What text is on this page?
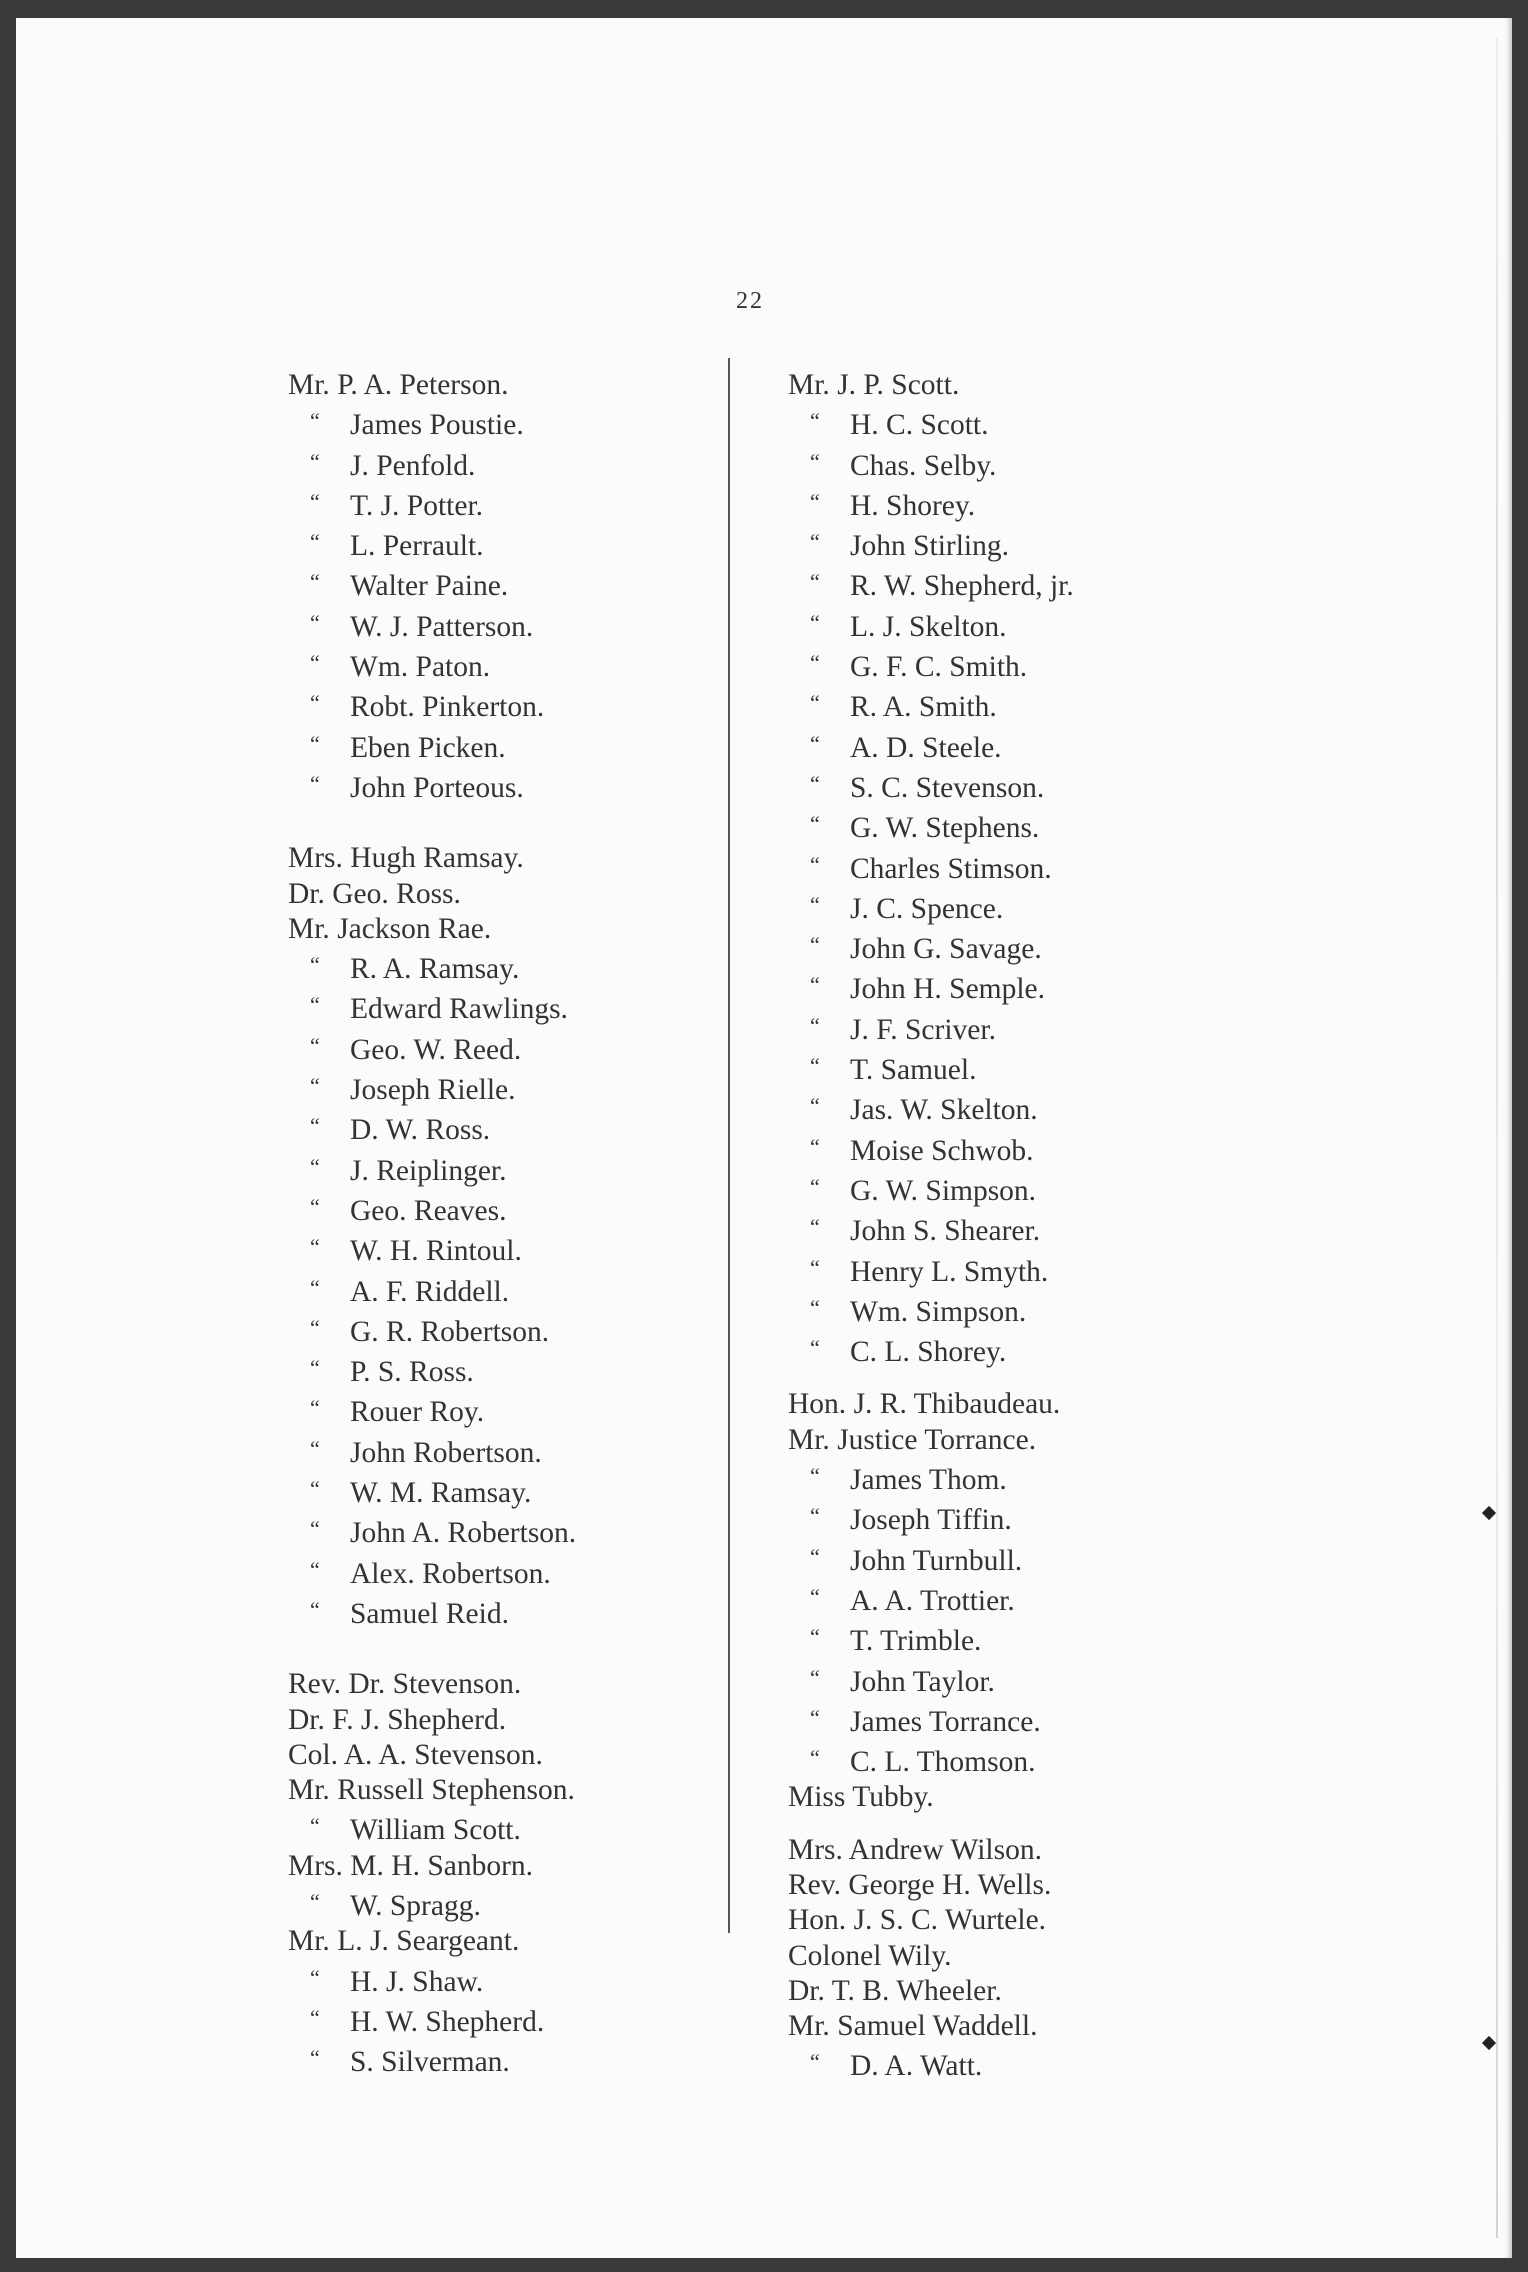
22
Mr. P. A. Peterson.
“ James Poustie.
“ J. Penfold.
“ T. J. Potter.
“ L. Perrault.
“ Walter Paine.
“ W. J. Patterson.
“ Wm. Paton.
“ Robt. Pinkerton.
“ Eben Picken.
“ John Porteous.
Mrs. Hugh Ramsay.
Dr. Geo. Ross.
Mr. Jackson Rae.
“ R. A. Ramsay.
“ Edward Rawlings.
“ Geo. W. Reed.
“ Joseph Rielle.
“ D. W. Ross.
“ J. Reiplinger.
“ Geo. Reaves.
“ W. H. Rintoul.
“ A. F. Riddell.
“ G. R. Robertson.
“ P. S. Ross.
“ Rouer Roy.
“ John Robertson.
“ W. M. Ramsay.
“ John A. Robertson.
“ Alex. Robertson.
“ Samuel Reid.
Rev. Dr. Stevenson.
Dr. F. J. Shepherd.
Col. A. A. Stevenson.
Mr. Russell Stephenson.
“ William Scott.
Mrs. M. H. Sanborn.
“ W. Spragg.
Mr. L. J. Seargeant.
“ H. J. Shaw.
“ H. W. Shepherd.
“ S. Silverman.
Mr. J. P. Scott.
“ H. C. Scott.
“ Chas. Selby.
“ H. Shorey.
“ John Stirling.
“ R. W. Shepherd, jr.
“ L. J. Skelton.
“ G. F. C. Smith.
“ R. A. Smith.
“ A. D. Steele.
“ S. C. Stevenson.
“ G. W. Stephens.
“ Charles Stimson.
“ J. C. Spence.
“ John G. Savage.
“ John H. Semple.
“ J. F. Scriver.
“ T. Samuel.
“ Jas. W. Skelton.
“ Moise Schwob.
“ G. W. Simpson.
“ John S. Shearer.
“ Henry L. Smyth.
“ Wm. Simpson.
“ C. L. Shorey.
Hon. J. R. Thibaudeau.
Mr. Justice Torrance.
“ James Thom.
“ Joseph Tiffin.
“ John Turnbull.
“ A. A. Trottier.
“ T. Trimble.
“ John Taylor.
“ James Torrance.
“ C. L. Thomson.
Miss Tubby.
Mrs. Andrew Wilson.
Rev. George H. Wells.
Hon. J. S. C. Wurtele.
Colonel Wily.
Dr. T. B. Wheeler.
Mr. Samuel Waddell.
“ D. A. Watt.
